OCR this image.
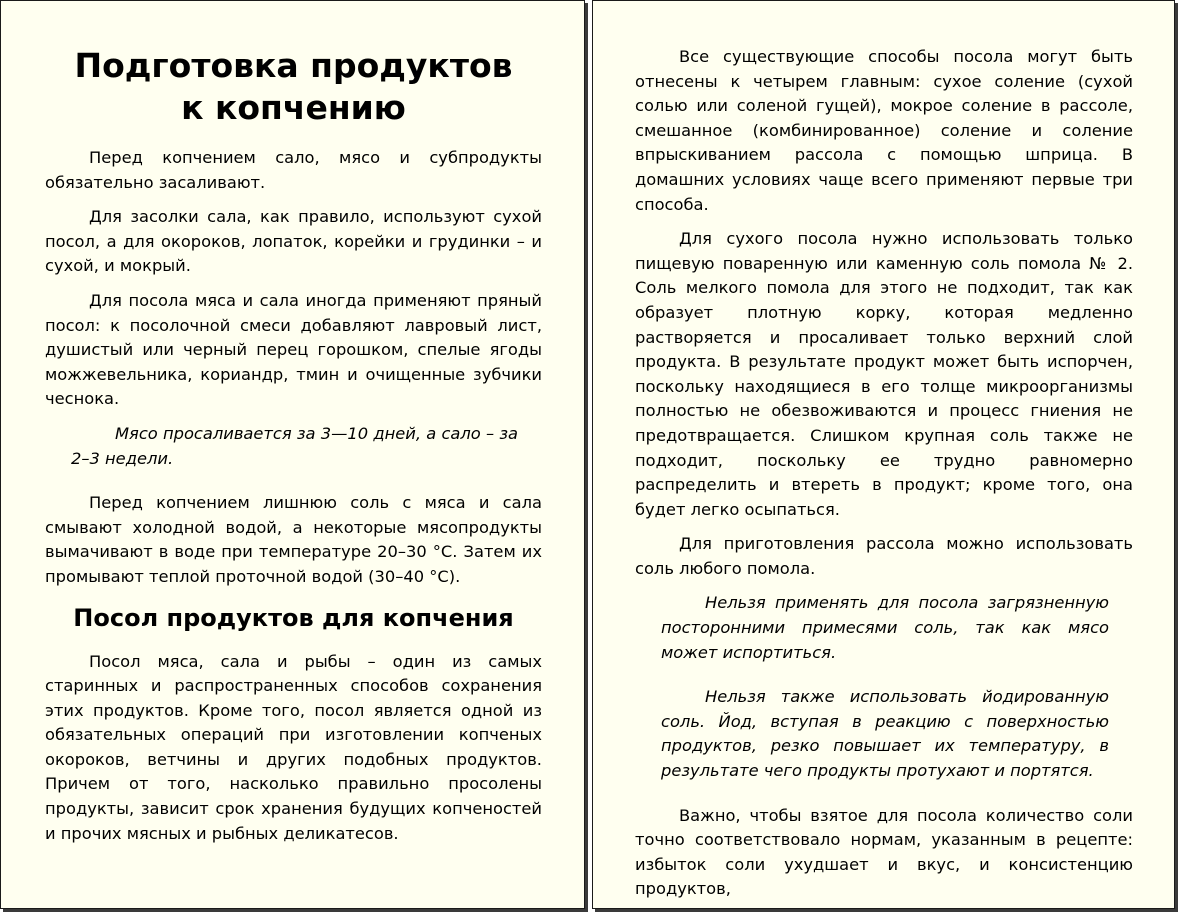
Подготовка продуктов
к копчению

Перед копчением сало, мясо и субпродукты обязательно засаливают.

Для засолки сала, как правило, используют сухой посол, а для окороков, лопаток, корейки и грудинки – и сухой, и мокрый.

Для посола мяса и сала иногда применяют пряный посол: к посолочной смеси добавляют лавровый лист, душистый или черный перец горошком, спелые ягоды можжевельника, кориандр, тмин и очищенные зубчики чеснока.

Мясо просаливается за 3—10 дней, а сало – за 2–3 недели.

Перед копчением лишнюю соль с мяса и сала смывают холодной водой, а некоторые мясопродукты вымачивают в воде при температуре 20–30 °C. Затем их промывают теплой проточной водой (30–40 °C).

Посол продуктов для копчения

Посол мяса, сала и рыбы – один из самых старинных и распространенных способов сохранения этих продуктов. Кроме того, посол является одной из обязательных операций при изготовлении копченых окороков, ветчины и других подобных продуктов. Причем от того, насколько правильно просолены продукты, зависит срок хранения будущих копченостей и прочих мясных и рыбных деликатесов.

Все существующие способы посола могут быть отнесены к четырем главным: сухое соление (сухой солью или соленой гущей), мокрое соление в рассоле, смешанное (комбинированное) соление и соление впрыскиванием рассола с помощью шприца. В домашних условиях чаще всего применяют первые три способа.

Для сухого посола нужно использовать только пищевую поваренную или каменную соль помола № 2. Соль мелкого помола для этого не подходит, так как образует плотную корку, которая медленно растворяется и просаливает только верхний слой продукта. В результате продукт может быть испорчен, поскольку находящиеся в его толще микроорганизмы полностью не обезвоживаются и процесс гниения не предотвращается. Слишком крупная соль также не подходит, поскольку ее трудно равномерно распределить и втереть в продукт; кроме того, она будет легко осыпаться.

Для приготовления рассола можно использовать соль любого помола.

Нельзя применять для посола загрязненную посторонними примесями соль, так как мясо может испортиться.

Нельзя также использовать йодированную соль. Йод, вступая в реакцию с поверхностью продуктов, резко повышает их температуру, в результате чего продукты протухают и портятся.

Важно, чтобы взятое для посола количество соли точно соответствовало нормам, указанным в рецепте: избыток соли ухудшает и вкус, и консистенцию продуктов,
